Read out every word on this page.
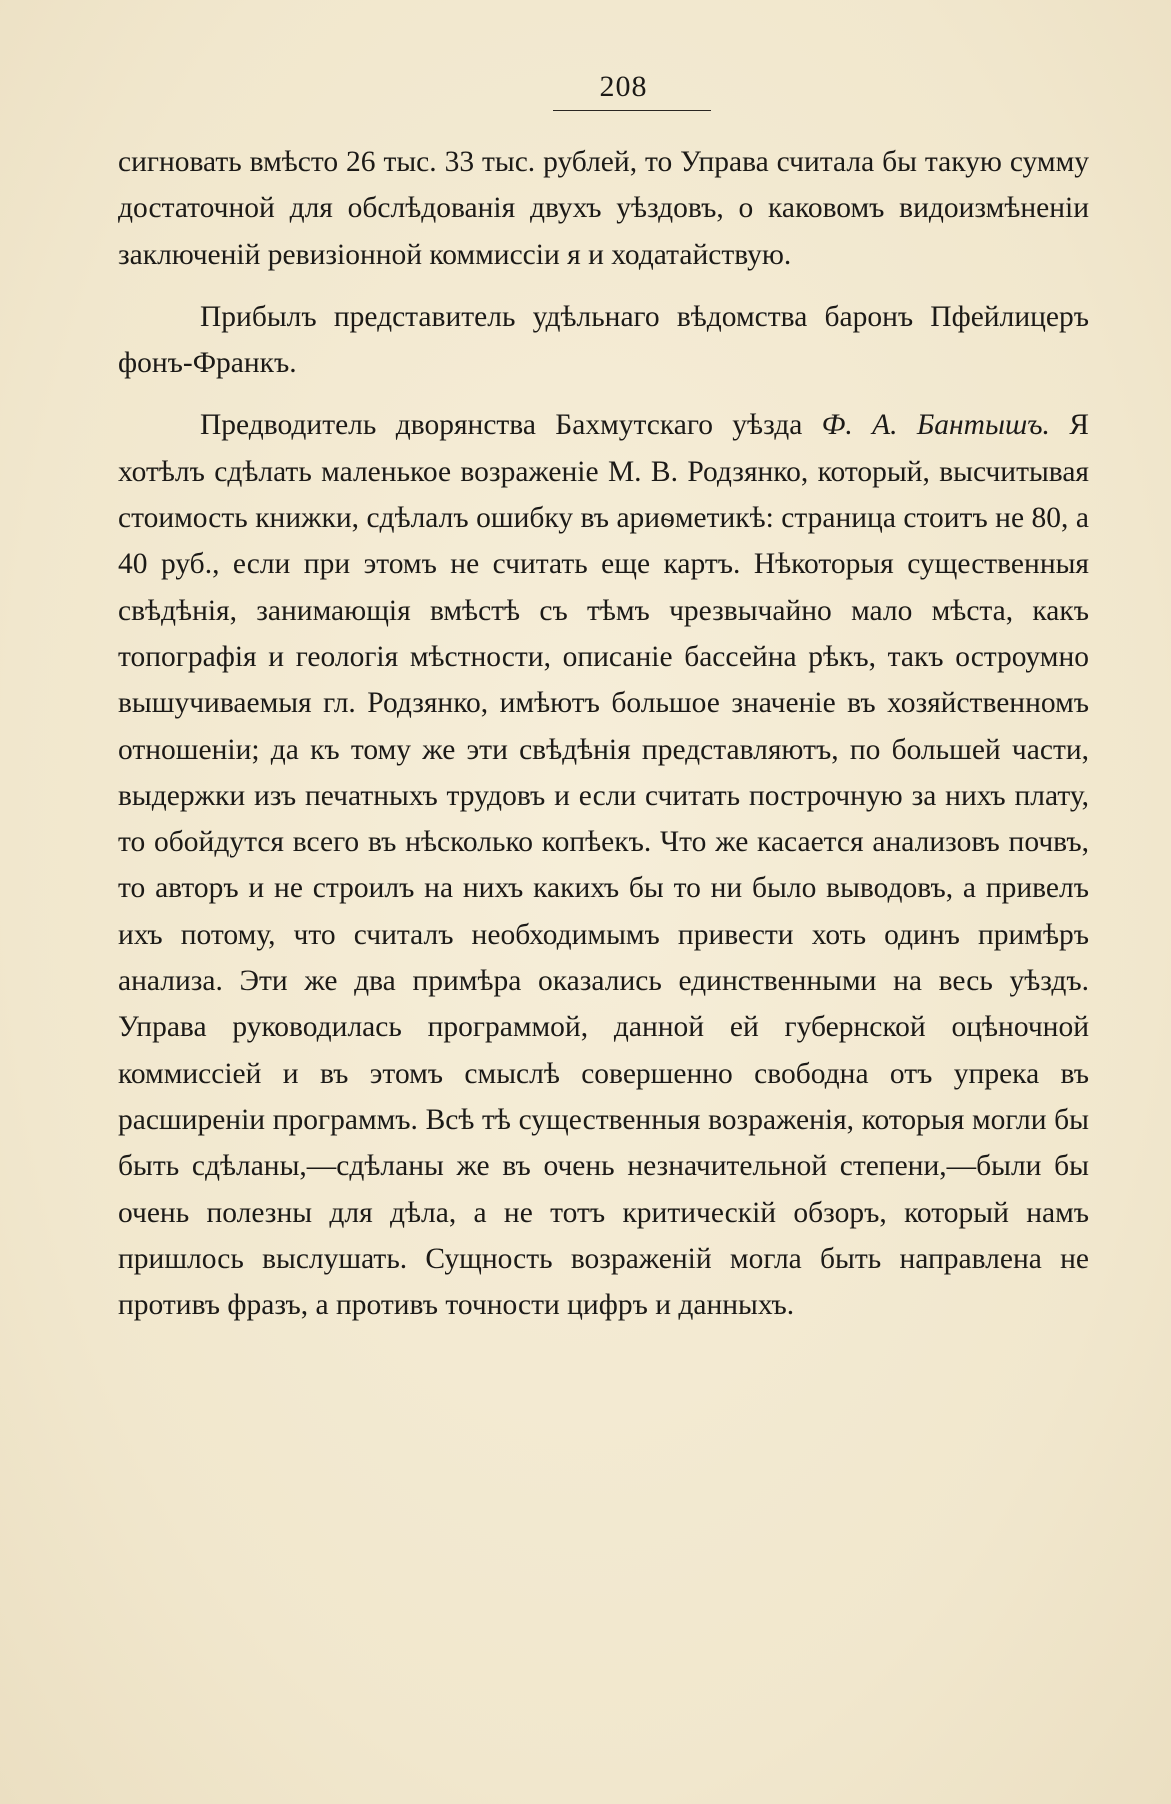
208

сигновать вмѣсто 26 тыс. 33 тыс. рублей, то Управа считала бы такую сумму достаточной для обслѣдованія двухъ уѣздовъ, о каковомъ видоизмѣненіи заключеній ревизіонной коммиссіи я и ходатайствую.

Прибылъ представитель удѣльнаго вѣдомства баронъ Пфейлицеръ фонъ-Франкъ.

Предводитель дворянства Бахмутскаго уѣзда Ф. А. Бантышъ. Я хотѣлъ сдѣлать маленькое возраженіе М. В. Родзянко, который, высчитывая стоимость книжки, сдѣлалъ ошибку въ ариѳметикѣ: страница стоитъ не 80, а 40 руб., если при этомъ не считать еще картъ. Нѣкоторыя существенныя свѣдѣнія, занимающія вмѣстѣ съ тѣмъ чрезвычайно мало мѣста, какъ топографія и геологія мѣстности, описаніе бассейна рѣкъ, такъ остроумно вышучиваемыя гл. Родзянко, имѣютъ большое значеніе въ хозяйственномъ отношеніи; да къ тому же эти свѣдѣнія представляютъ, по большей части, выдержки изъ печатныхъ трудовъ и если считать построчную за нихъ плату, то обойдутся всего въ нѣсколько копѣекъ. Что же касается анализовъ почвъ, то авторъ и не строилъ на нихъ какихъ бы то ни было выводовъ, а привелъ ихъ потому, что считалъ необходимымъ привести хоть одинъ примѣръ анализа. Эти же два примѣра оказались единственными на весь уѣздъ. Управа руководилась программой, данной ей губернской оцѣночной коммиссіей и въ этомъ смыслѣ совершенно свободна отъ упрека въ расширеніи программъ. Всѣ тѣ существенныя возраженія, которыя могли бы быть сдѣланы,—сдѣланы же въ очень незначительной степени,—были бы очень полезны для дѣла, а не тотъ критическій обзоръ, который намъ пришлось выслушать. Сущность возраженій могла быть направлена не противъ фразъ, а противъ точности цифръ и данныхъ.
